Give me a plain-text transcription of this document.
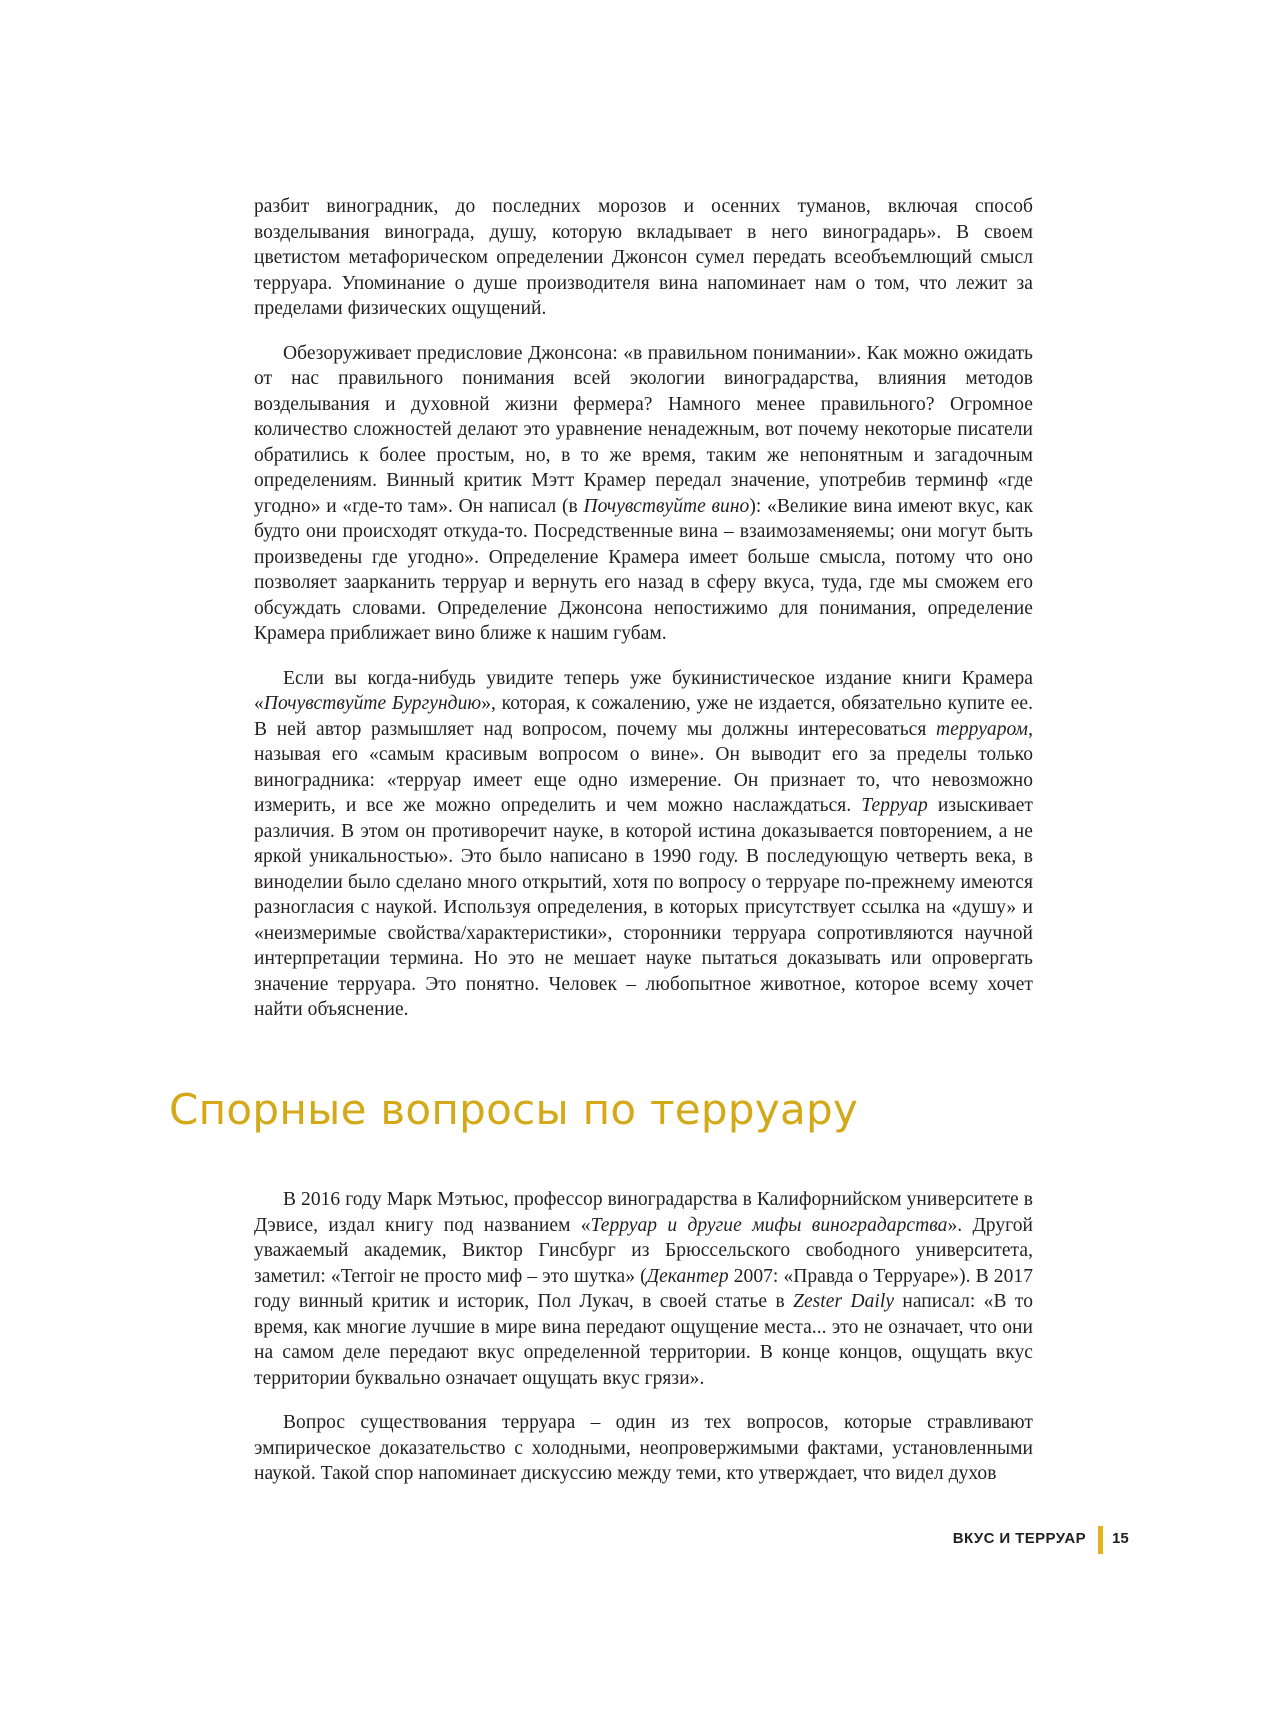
разбит виноградник, до последних морозов и осенних туманов, включая способ возделывания винограда, душу, которую вкладывает в него виноградарь». В своем цветистом метафорическом определении Джонсон сумел передать всеобъемлющий смысл терруара. Упоминание о душе производителя вина напоминает нам о том, что лежит за пределами физических ощущений.

Обезоруживает предисловие Джонсона: «в правильном понимании». Как можно ожидать от нас правильного понимания всей экологии виноградарства, влияния методов возделывания и духовной жизни фермера? Намного менее правильного? Огромное количество сложностей делают это уравнение ненадежным, вот почему некоторые писатели обратились к более простым, но, в то же время, таким же непонятным и загадочным определениям. Винный критик Мэтт Крамер передал значение, употребив терминф «где угодно» и «где-то там». Он написал (в Почувствуйте вино): «Великие вина имеют вкус, как будто они происходят откуда-то. Посредственные вина – взаимозаменяемы; они могут быть произведены где угодно». Определение Крамера имеет больше смысла, потому что оно позволяет заарканить терруар и вернуть его назад в сферу вкуса, туда, где мы сможем его обсуждать словами. Определение Джонсона непостижимо для понимания, определение Крамера приближает вино ближе к нашим губам.

Если вы когда-нибудь увидите теперь уже букинистическое издание книги Крамера «Почувствуйте Бургундию», которая, к сожалению, уже не издается, обязательно купите ее. В ней автор размышляет над вопросом, почему мы должны интересоваться терруаром, называя его «самым красивым вопросом о вине». Он выводит его за пределы только виноградника: «терруар имеет еще одно измерение. Он признает то, что невозможно измерить, и все же можно определить и чем можно наслаждаться. Терруар изыскивает различия. В этом он противоречит науке, в которой истина доказывается повторением, а не яркой уникальностью». Это было написано в 1990 году. В последующую четверть века, в виноделии было сделано много открытий, хотя по вопросу о терруаре по-прежнему имеются разногласия с наукой. Используя определения, в которых присутствует ссылка на «душу» и «неизмеримые свойства/характеристики», сторонники терруара сопротивляются научной интерпретации термина. Но это не мешает науке пытаться доказывать или опровергать значение терруара. Это понятно. Человек – любопытное животное, которое всему хочет найти объяснение.

Спорные вопросы по терруару

В 2016 году Марк Мэтьюс, профессор виноградарства в Калифорнийском университете в Дэвисе, издал книгу под названием «Терруар и другие мифы виноградарства». Другой уважаемый академик, Виктор Гинсбург из Брюссельского свободного университета, заметил: «Terroir не просто миф – это шутка» (Декантер 2007: «Правда о Терруаре»). В 2017 году винный критик и историк, Пол Лукач, в своей статье в Zester Daily написал: «В то время, как многие лучшие в мире вина передают ощущение места... это не означает, что они на самом деле передают вкус определенной территории. В конце концов, ощущать вкус территории буквально означает ощущать вкус грязи».

Вопрос существования терруара – один из тех вопросов, которые стравливают эмпирическое доказательство с холодными, неопровержимыми фактами, установленными наукой. Такой спор напоминает дискуссию между теми, кто утверждает, что видел духов

ВКУС И ТЕРРУАР 15
